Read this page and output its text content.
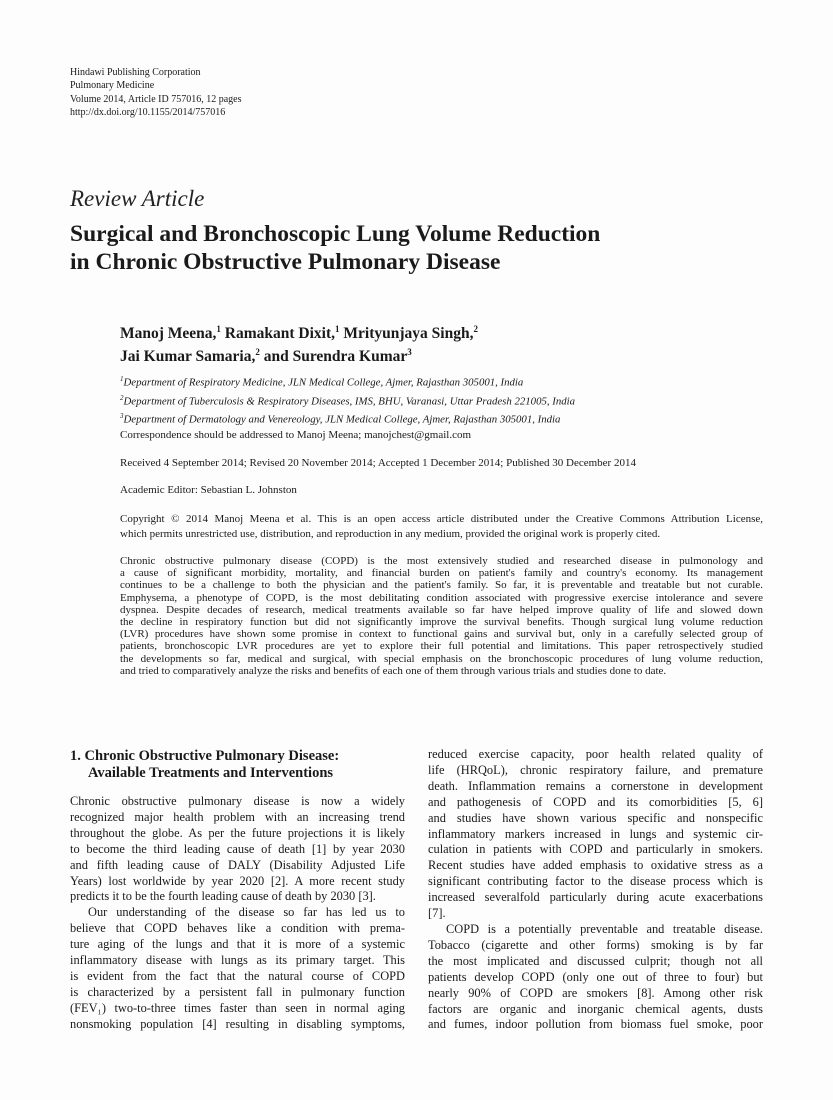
Hindawi Publishing Corporation
Pulmonary Medicine
Volume 2014, Article ID 757016, 12 pages
http://dx.doi.org/10.1155/2014/757016
Review Article
Surgical and Bronchoscopic Lung Volume Reduction
in Chronic Obstructive Pulmonary Disease
Manoj Meena,$^1$ Ramakant Dixit,$^1$ Mrityunjaya Singh,$^2$
Jai Kumar Samaria,$^2$ and Surendra Kumar$^3$
$^1$Department of Respiratory Medicine, JLN Medical College, Ajmer, Rajasthan 305001, India
$^2$Department of Tuberculosis & Respiratory Diseases, IMS, BHU, Varanasi, Uttar Pradesh 221005, India
$^3$Department of Dermatology and Venereology, JLN Medical College, Ajmer, Rajasthan 305001, India
Correspondence should be addressed to Manoj Meena; manojchest@gmail.com
Received 4 September 2014; Revised 20 November 2014; Accepted 1 December 2014; Published 30 December 2014
Academic Editor: Sebastian L. Johnston
Copyright © 2014 Manoj Meena et al. This is an open access article distributed under the Creative Commons Attribution License,
which permits unrestricted use, distribution, and reproduction in any medium, provided the original work is properly cited.
Chronic obstructive pulmonary disease (COPD) is the most extensively studied and researched disease in pulmonology and
a cause of significant morbidity, mortality, and financial burden on patient's family and country's economy. Its management
continues to be a challenge to both the physician and the patient's family. So far, it is preventable and treatable but not curable.
Emphysema, a phenotype of COPD, is the most debilitating condition associated with progressive exercise intolerance and severe
dyspnea. Despite decades of research, medical treatments available so far have helped improve quality of life and slowed down
the decline in respiratory function but did not significantly improve the survival benefits. Though surgical lung volume reduction
(LVR) procedures have shown some promise in context to functional gains and survival but, only in a carefully selected group of
patients, bronchoscopic LVR procedures are yet to explore their full potential and limitations. This paper retrospectively studied
the developments so far, medical and surgical, with special emphasis on the bronchoscopic procedures of lung volume reduction,
and tried to comparatively analyze the risks and benefits of each one of them through various trials and studies done to date.
1. Chronic Obstructive Pulmonary Disease:
Available Treatments and Interventions
Chronic obstructive pulmonary disease is now a widely
recognized major health problem with an increasing trend
throughout the globe. As per the future projections it is likely
to become the third leading cause of death [1] by year 2030
and fifth leading cause of DALY (Disability Adjusted Life
Years) lost worldwide by year 2020 [2]. A more recent study
predicts it to be the fourth leading cause of death by 2030 [3].
Our understanding of the disease so far has led us to
believe that COPD behaves like a condition with prema-
ture aging of the lungs and that it is more of a systemic
inflammatory disease with lungs as its primary target. This
is evident from the fact that the natural course of COPD
is characterized by a persistent fall in pulmonary function
(FEV₁) two-to-three times faster than seen in normal aging
nonsmoking population [4] resulting in disabling symptoms,
reduced exercise capacity, poor health related quality of
life (HRQoL), chronic respiratory failure, and premature
death. Inflammation remains a cornerstone in development
and pathogenesis of COPD and its comorbidities [5, 6]
and studies have shown various specific and nonspecific
inflammatory markers increased in lungs and systemic cir-
culation in patients with COPD and particularly in smokers.
Recent studies have added emphasis to oxidative stress as a
significant contributing factor to the disease process which is
increased severalfold particularly during acute exacerbations
[7].
COPD is a potentially preventable and treatable disease.
Tobacco (cigarette and other forms) smoking is by far
the most implicated and discussed culprit; though not all
patients develop COPD (only one out of three to four) but
nearly 90% of COPD are smokers [8]. Among other risk
factors are organic and inorganic chemical agents, dusts
and fumes, indoor pollution from biomass fuel smoke, poor
